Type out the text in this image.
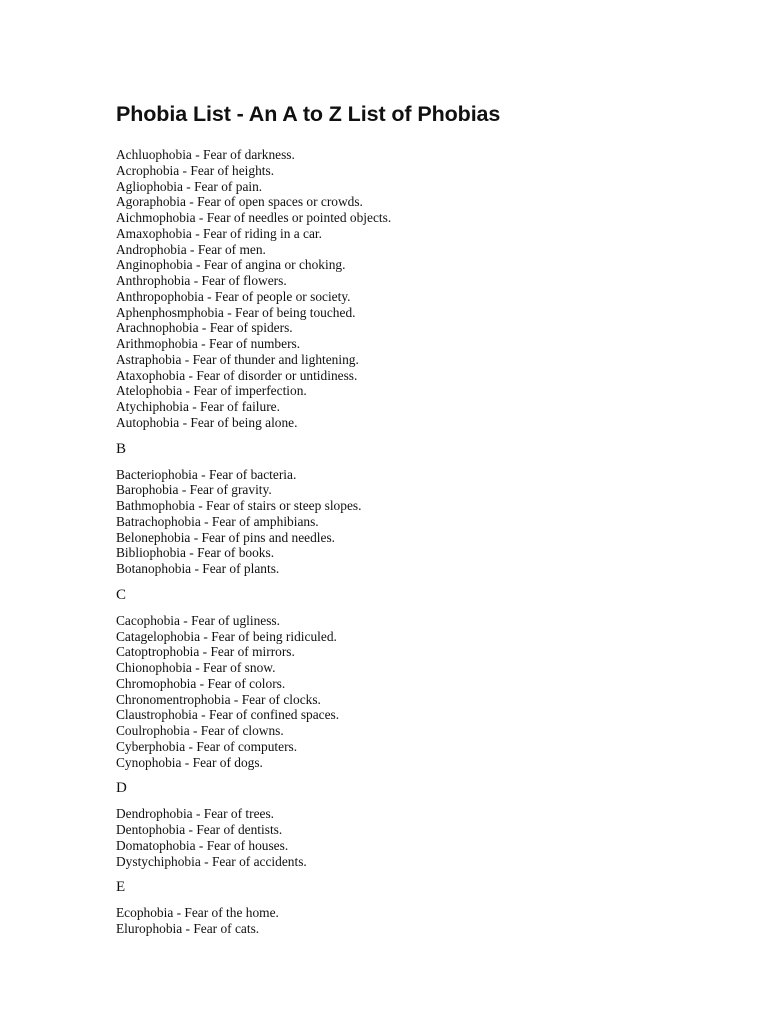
Phobia List - An A to Z List of Phobias
Achluophobia - Fear of darkness.
Acrophobia - Fear of heights.
Agliophobia - Fear of pain.
Agoraphobia - Fear of open spaces or crowds.
Aichmophobia - Fear of needles or pointed objects.
Amaxophobia - Fear of riding in a car.
Androphobia - Fear of men.
Anginophobia - Fear of angina or choking.
Anthrophobia - Fear of flowers.
Anthropophobia - Fear of people or society.
Aphenphosmphobia - Fear of being touched.
Arachnophobia - Fear of spiders.
Arithmophobia - Fear of numbers.
Astraphobia - Fear of thunder and lightening.
Ataxophobia - Fear of disorder or untidiness.
Atelophobia - Fear of imperfection.
Atychiphobia - Fear of failure.
Autophobia - Fear of being alone.
B
Bacteriophobia - Fear of bacteria.
Barophobia - Fear of gravity.
Bathmophobia - Fear of stairs or steep slopes.
Batrachophobia - Fear of amphibians.
Belonephobia - Fear of pins and needles.
Bibliophobia - Fear of books.
Botanophobia - Fear of plants.
C
Cacophobia - Fear of ugliness.
Catagelophobia - Fear of being ridiculed.
Catoptrophobia - Fear of mirrors.
Chionophobia - Fear of snow.
Chromophobia - Fear of colors.
Chronomentrophobia - Fear of clocks.
Claustrophobia - Fear of confined spaces.
Coulrophobia - Fear of clowns.
Cyberphobia - Fear of computers.
Cynophobia - Fear of dogs.
D
Dendrophobia - Fear of trees.
Dentophobia - Fear of dentists.
Domatophobia - Fear of houses.
Dystychiphobia - Fear of accidents.
E
Ecophobia - Fear of the home.
Elurophobia - Fear of cats.
